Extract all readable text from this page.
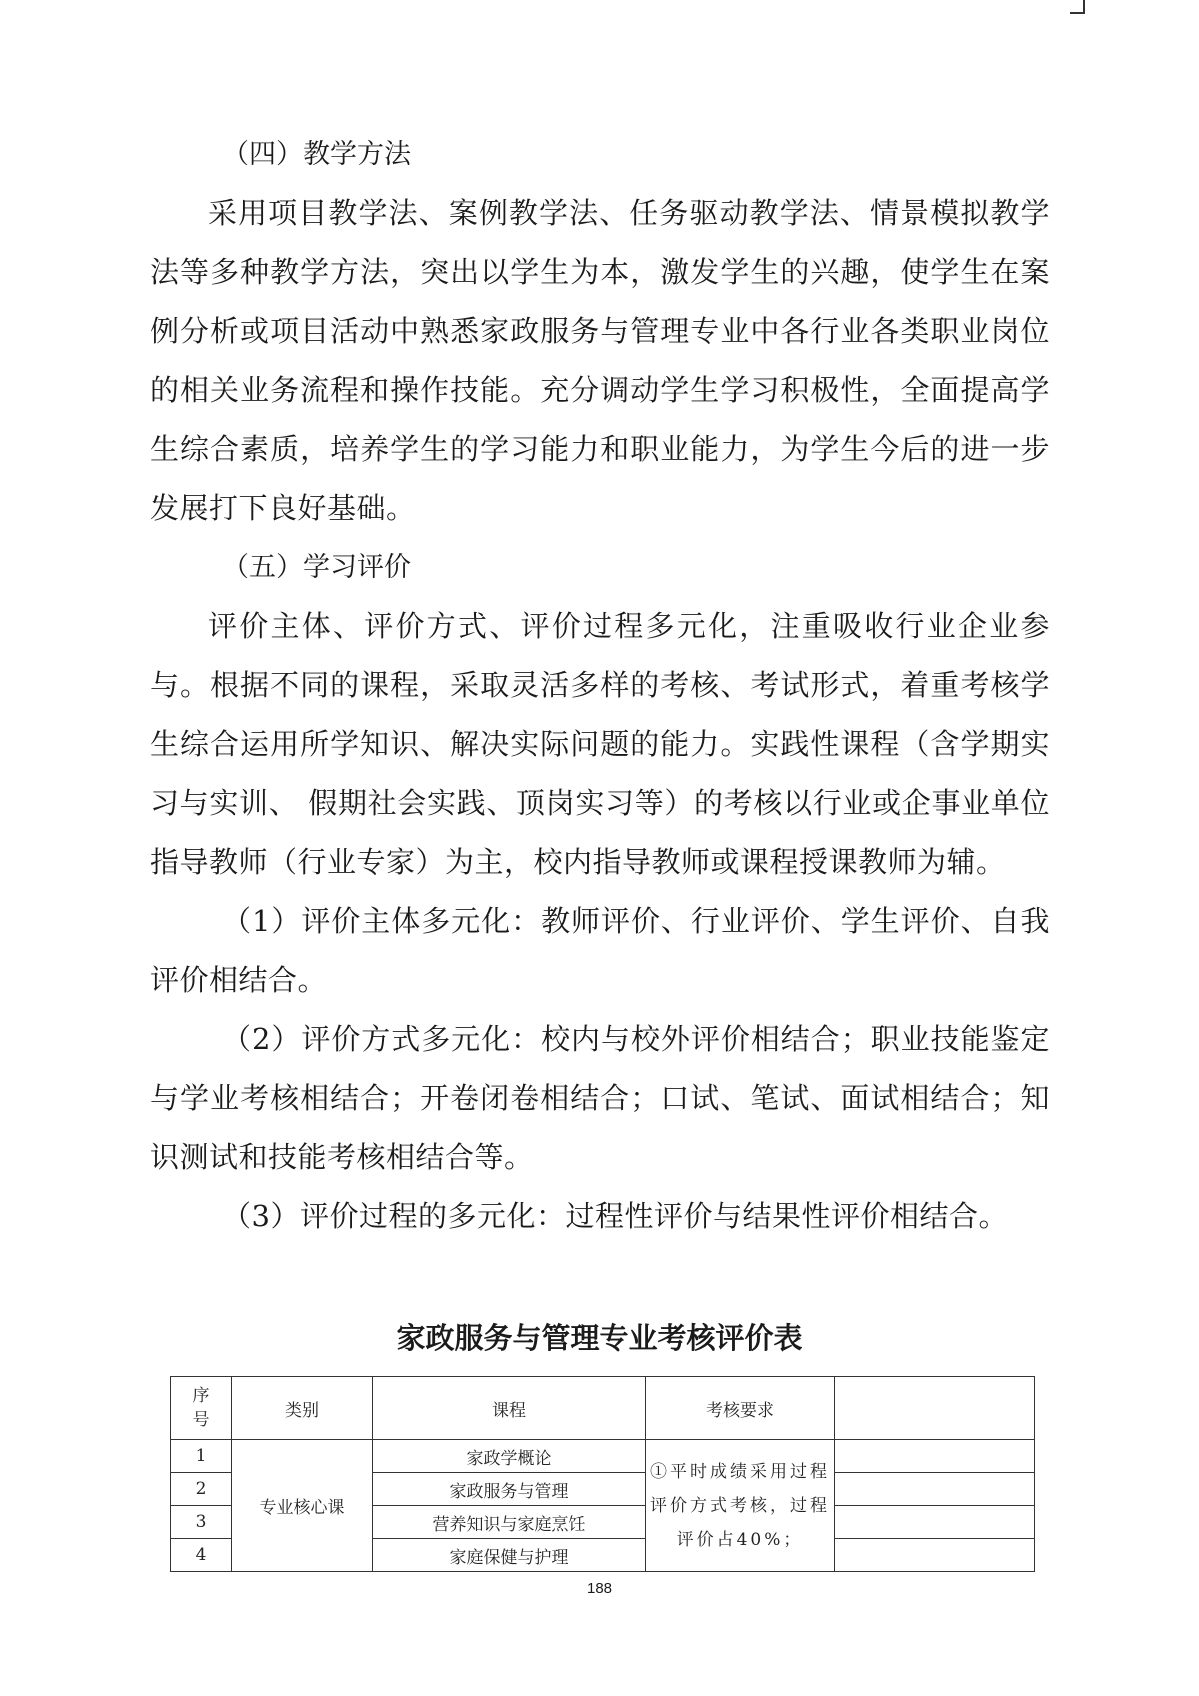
（四）教学方法

采用项目教学法、案例教学法、任务驱动教学法、情景模拟教学法等多种教学方法，突出以学生为本，激发学生的兴趣，使学生在案例分析或项目活动中熟悉家政服务与管理专业中各行业各类职业岗位的相关业务流程和操作技能。充分调动学生学习积极性，全面提高学生综合素质，培养学生的学习能力和职业能力，为学生今后的进一步发展打下良好基础。

（五）学习评价

评价主体、评价方式、评价过程多元化，注重吸收行业企业参与。根据不同的课程，采取灵活多样的考核、考试形式，着重考核学生综合运用所学知识、解决实际问题的能力。实践性课程（含学期实习与实训、 假期社会实践、顶岗实习等）的考核以行业或企事业单位指导教师（行业专家）为主，校内指导教师或课程授课教师为辅。

（1）评价主体多元化：教师评价、行业评价、学生评价、自我评价相结合。

（2）评价方式多元化：校内与校外评价相结合；职业技能鉴定与学业考核相结合；开卷闭卷相结合；口试、笔试、面试相结合；知识测试和技能考核相结合等。

（3）评价过程的多元化：过程性评价与结果性评价相结合。

家政服务与管理专业考核评价表

序
号	类别	课程	考核要求	
1	专业核心课	家政学概论	①平时成绩采用过程评价方式考核，过程评价占40%；	
2		家政服务与管理		
3		营养知识与家庭烹饪		
4		家庭保健与护理		

188
